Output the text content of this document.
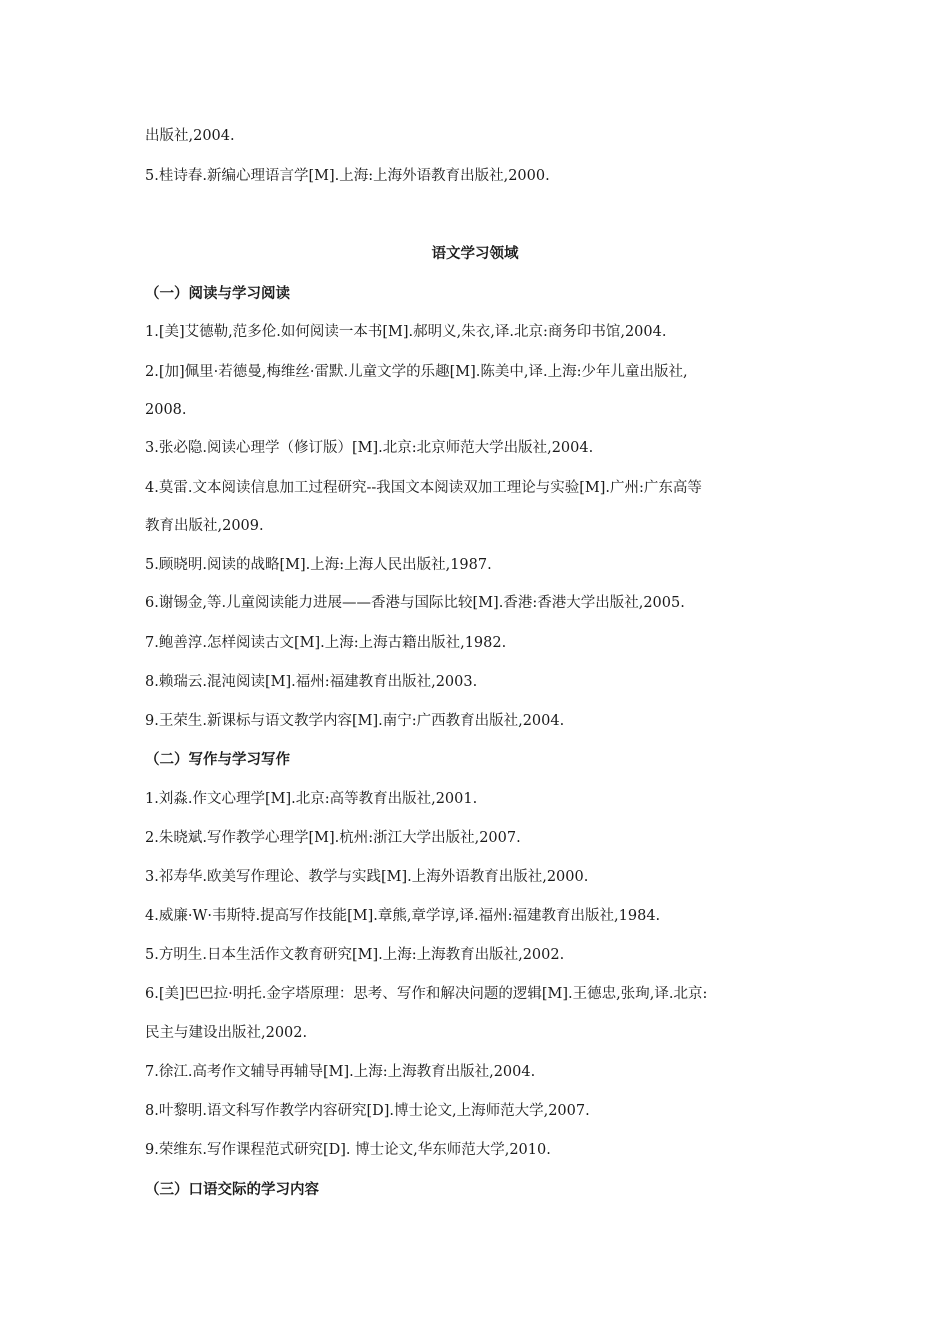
出版社,2004.
5.桂诗春.新编心理语言学[M].上海:上海外语教育出版社,2000.
语文学习领域
（一）阅读与学习阅读
1.[美]艾德勒,范多伦.如何阅读一本书[M].郝明义,朱衣,译.北京:商务印书馆,2004.
2.[加]佩里·若德曼,梅维丝·雷默.儿童文学的乐趣[M].陈美中,译.上海:少年儿童出版社,
2008.
3.张必隐.阅读心理学（修订版）[M].北京:北京师范大学出版社,2004.
4.莫雷.文本阅读信息加工过程研究--我国文本阅读双加工理论与实验[M].广州:广东高等
教育出版社,2009.
5.顾晓明.阅读的战略[M].上海:上海人民出版社,1987.
6.谢锡金,等.儿童阅读能力进展——香港与国际比较[M].香港:香港大学出版社,2005.
7.鲍善淳.怎样阅读古文[M].上海:上海古籍出版社,1982.
8.赖瑞云.混沌阅读[M].福州:福建教育出版社,2003.
9.王荣生.新课标与语文教学内容[M].南宁:广西教育出版社,2004.
（二）写作与学习写作
1.刘淼.作文心理学[M].北京:高等教育出版社,2001.
2.朱晓斌.写作教学心理学[M].杭州:浙江大学出版社,2007.
3.祁寿华.欧美写作理论、教学与实践[M].上海外语教育出版社,2000.
4.威廉·W·韦斯特.提高写作技能[M].章熊,章学谆,译.福州:福建教育出版社,1984.
5.方明生.日本生活作文教育研究[M].上海:上海教育出版社,2002.
6.[美]巴巴拉·明托.金字塔原理：思考、写作和解决问题的逻辑[M].王德忠,张珣,译.北京:
民主与建设出版社,2002.
7.徐江.高考作文辅导再辅导[M].上海:上海教育出版社,2004.
8.叶黎明.语文科写作教学内容研究[D].博士论文,上海师范大学,2007.
9.荣维东.写作课程范式研究[D]. 博士论文,华东师范大学,2010.
（三）口语交际的学习内容
